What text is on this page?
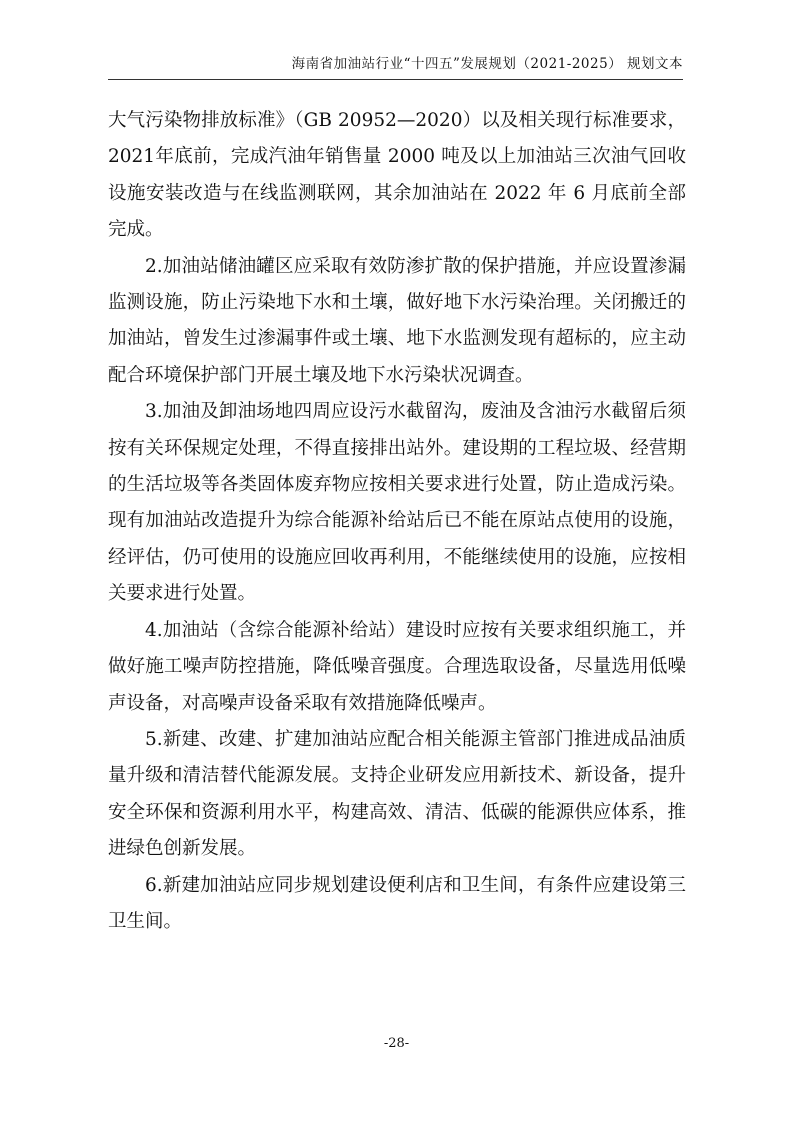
海南省加油站行业“十四五”发展规划（2021-2025） 规划文本

大气污染物排放标准》（GB 20952—2020）以及相关现行标准要求，2021年底前，完成汽油年销售量 2000 吨及以上加油站三次油气回收设施安装改造与在线监测联网，其余加油站在 2022 年 6 月底前全部完成。

2.加油站储油罐区应采取有效防渗扩散的保护措施，并应设置渗漏监测设施，防止污染地下水和土壤，做好地下水污染治理。关闭搬迁的加油站，曾发生过渗漏事件或土壤、地下水监测发现有超标的，应主动配合环境保护部门开展土壤及地下水污染状况调查。

3.加油及卸油场地四周应设污水截留沟，废油及含油污水截留后须按有关环保规定处理，不得直接排出站外。建设期的工程垃圾、经营期的生活垃圾等各类固体废弃物应按相关要求进行处置，防止造成污染。现有加油站改造提升为综合能源补给站后已不能在原站点使用的设施，经评估，仍可使用的设施应回收再利用，不能继续使用的设施，应按相关要求进行处置。

4.加油站（含综合能源补给站）建设时应按有关要求组织施工，并做好施工噪声防控措施，降低噪音强度。合理选取设备，尽量选用低噪声设备，对高噪声设备采取有效措施降低噪声。

5.新建、改建、扩建加油站应配合相关能源主管部门推进成品油质量升级和清洁替代能源发展。支持企业研发应用新技术、新设备，提升安全环保和资源利用水平，构建高效、清洁、低碳的能源供应体系，推进绿色创新发展。

6.新建加油站应同步规划建设便利店和卫生间，有条件应建设第三卫生间。

-28-
